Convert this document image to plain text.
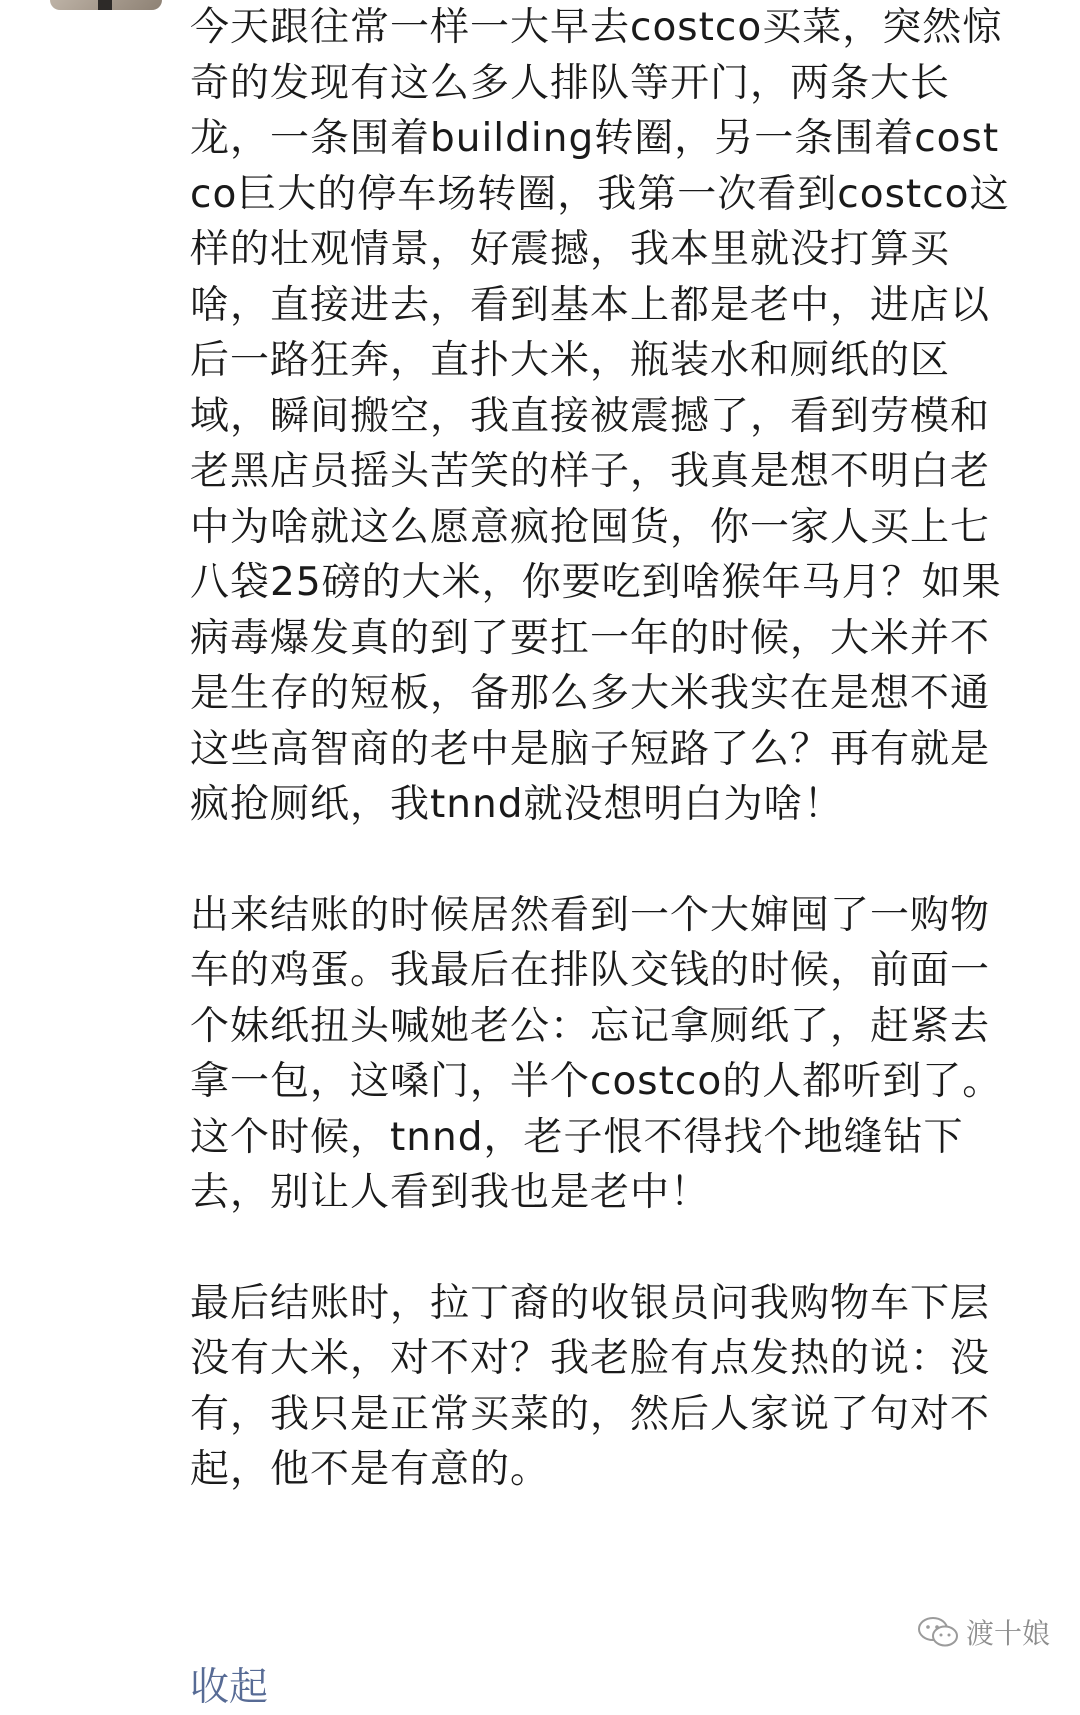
今天跟往常一样一大早去costco买菜，突然惊奇的发现有这么多人排队等开门，两条大长龙，一条围着building转圈，另一条围着costco巨大的停车场转圈，我第一次看到costco这样的壮观情景，好震撼，我本里就没打算买啥，直接进去，看到基本上都是老中，进店以后一路狂奔，直扑大米，瓶装水和厕纸的区域，瞬间搬空，我直接被震撼了，看到劳模和老黑店员摇头苦笑的样子，我真是想不明白老中为啥就这么愿意疯抢囤货，你一家人买上七八袋25磅的大米，你要吃到啥猴年马月？如果病毒爆发真的到了要扛一年的时候，大米并不是生存的短板，备那么多大米我实在是想不通这些高智商的老中是脑子短路了么？再有就是疯抢厕纸，我tnnd就没想明白为啥！

出来结账的时候居然看到一个大婶囤了一购物车的鸡蛋。我最后在排队交钱的时候，前面一个妹纸扭头喊她老公：忘记拿厕纸了，赶紧去拿一包，这嗓门，半个costco的人都听到了。这个时候，tnnd，老子恨不得找个地缝钻下去，别让人看到我也是老中！

最后结账时，拉丁裔的收银员问我购物车下层没有大米，对不对？我老脸有点发热的说：没有，我只是正常买菜的，然后人家说了句对不起，他不是有意的。

收起
渡十娘
